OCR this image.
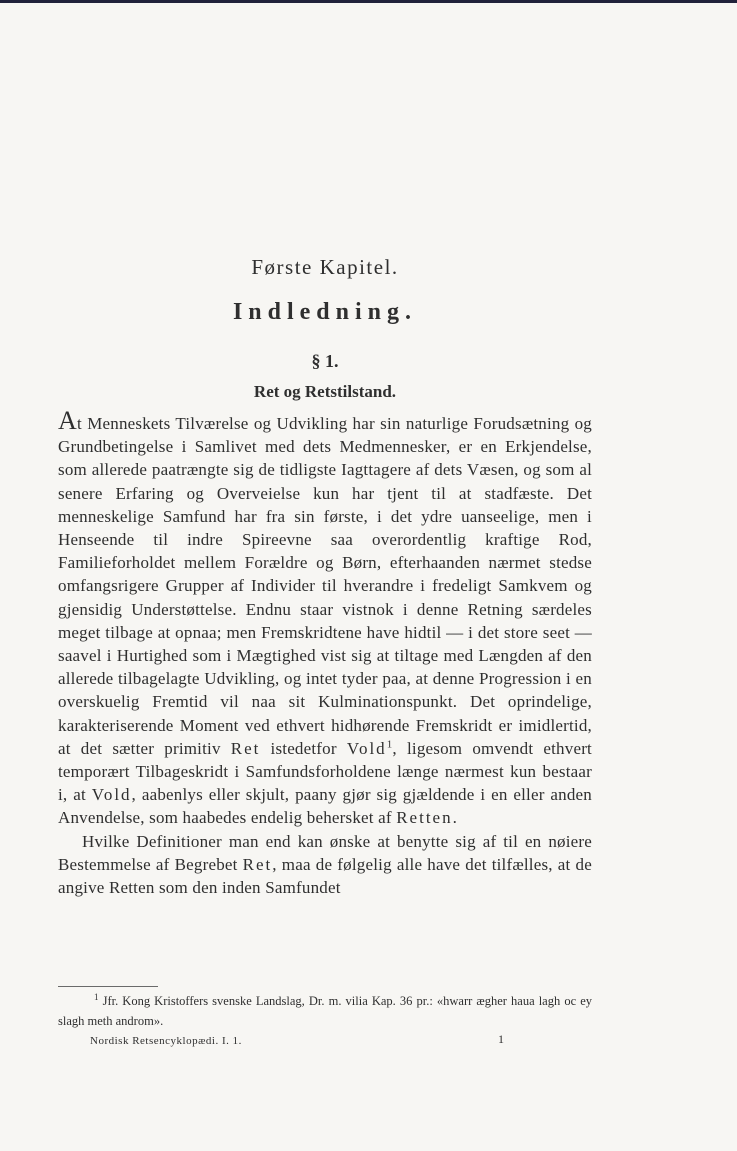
Første Kapitel.
Indledning.
§ 1.
Ret og Retstilstand.

At Menneskets Tilværelse og Udvikling har sin naturlige Forudsætning og Grundbetingelse i Samlivet med dets Medmennesker, er en Erkjendelse, som allerede paatrængte sig de tidligste Iagttagere af dets Væsen, og som al senere Erfaring og Overveielse kun har tjent til at stadfæste. Det menneskelige Samfund har fra sin første, i det ydre uanseelige, men i Henseende til indre Spireevne saa overordentlig kraftige Rod, Familieforholdet mellem Forældre og Børn, efterhaanden nærmet stedse omfangsrigere Grupper af Individer til hverandre i fredeligt Samkvem og gjensidig Understøttelse. Endnu staar vistnok i denne Retning særdeles meget tilbage at opnaa; men Fremskridtene have hidtil — i det store seet — saavel i Hurtighed som i Mægtighed vist sig at tiltage med Længden af den allerede tilbagelagte Udvikling, og intet tyder paa, at denne Progression i en overskuelig Fremtid vil naa sit Kulminationspunkt. Det oprindelige, karakteriserende Moment ved ethvert hidhørende Fremskridt er imidlertid, at det sætter primitiv Ret istedetfor Vold$^1$, ligesom omvendt ethvert temporært Tilbageskridt i Samfundsforholdene længe nærmest kun bestaar i, at Vold, aabenlys eller skjult, paany gjør sig gjældende i en eller anden Anvendelse, som haabedes endelig behersket af Retten.

Hvilke Definitioner man end kan ønske at benytte sig af til en nøiere Bestemmelse af Begrebet Ret, maa de følgelig alle have det tilfælles, at de angive Retten som den inden Samfundet

$^1$ Jfr. Kong Kristoffers svenske Landslag, Dr. m. vilia Kap. 36 pr.: «hwarr ægher haua lagh oc ey slagh meth androm».
Nordisk Retsencyklopædi. I. 1.	1
